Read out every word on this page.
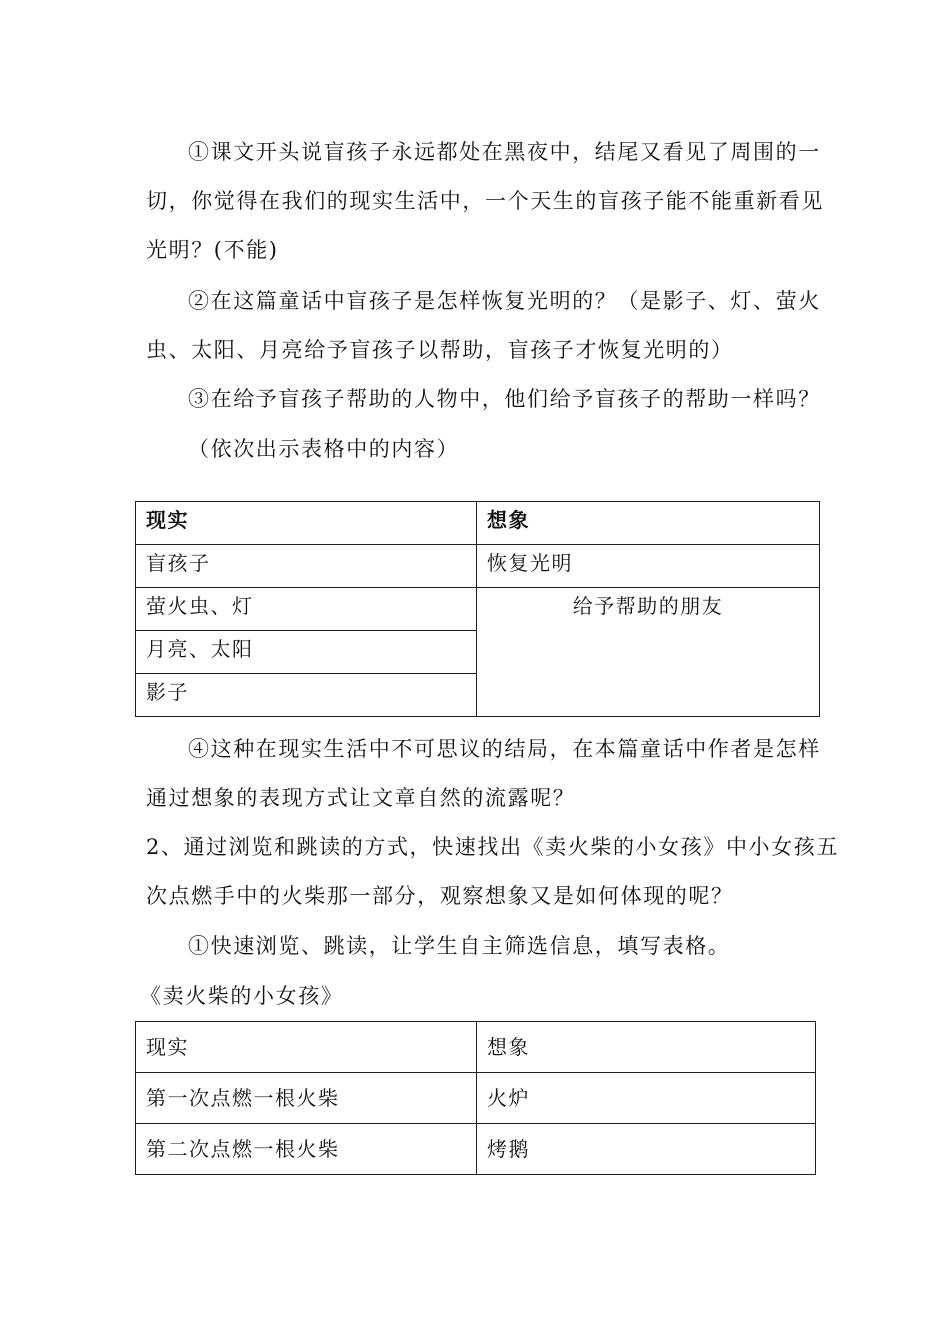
①课文开头说盲孩子永远都处在黑夜中，结尾又看见了周围的一
切，你觉得在我们的现实生活中，一个天生的盲孩子能不能重新看见
光明？(不能)
②在这篇童话中盲孩子是怎样恢复光明的？（是影子、灯、萤火
虫、太阳、月亮给予盲孩子以帮助，盲孩子才恢复光明的）
③在给予盲孩子帮助的人物中，他们给予盲孩子的帮助一样吗？
（依次出示表格中的内容）
现实	想象
盲孩子	恢复光明
萤火虫、灯	给予帮助的朋友
月亮、太阳	
影子	
④这种在现实生活中不可思议的结局，在本篇童话中作者是怎样
通过想象的表现方式让文章自然的流露呢？
2、通过浏览和跳读的方式，快速找出《卖火柴的小女孩》中小女孩五
次点燃手中的火柴那一部分，观察想象又是如何体现的呢？
①快速浏览、跳读，让学生自主筛选信息，填写表格。
《卖火柴的小女孩》
现实	想象
第一次点燃一根火柴	火炉
第二次点燃一根火柴	烤鹅
